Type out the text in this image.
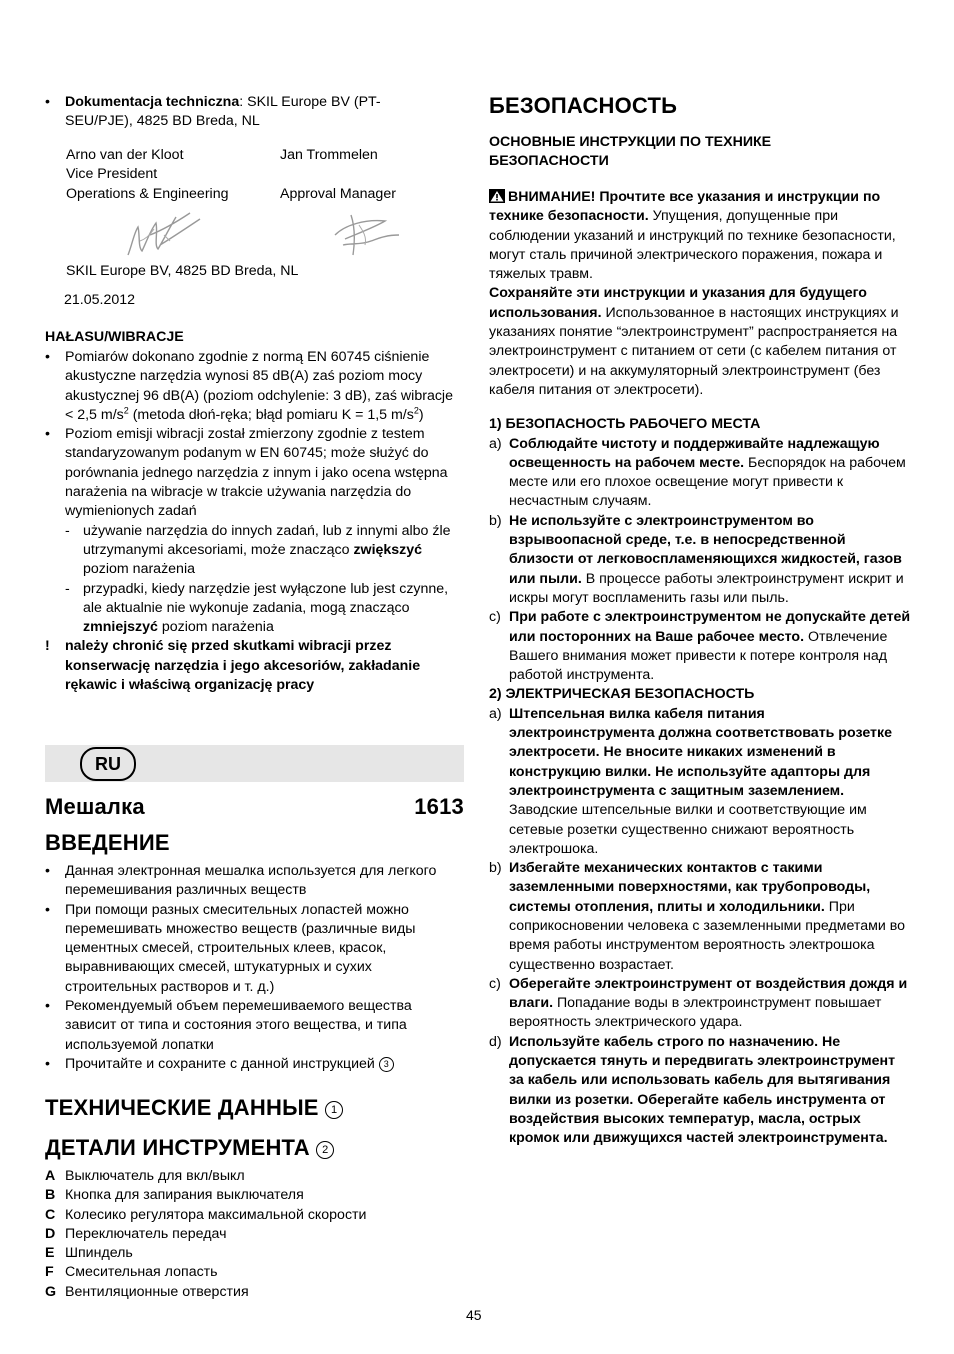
• Dokumentacja techniczna: SKIL Europe BV (PT-SEU/PJE), 4825 BD Breda, NL

Arno van der Kloot

Vice President

Operations & Engineering

Jan Trommelen

Approval Manager

SKIL Europe BV, 4825 BD Breda, NL

21.05.2012

HAŁASU/WIBRACJE

• Pomiarów dokonano zgodnie z normą EN 60745 ciśnienie akustyczne narzędzia wynosi 85 dB(A) zaś poziom mocy akustycznej 96 dB(A) (poziom odchylenie: 3 dB), zaś wibracje < 2,5 $m/s^2$ (metoda dłoń-ręka; błąd pomiaru K = 1,5 $m/s^2$)
• Poziom emisji wibracji został zmierzony zgodnie z testem standaryzowanym podanym w EN 60745; może służyć do porównania jednego narzędzia z innym i jako ocena wstępna narażenia na wibracje w trakcie używania narzędzia do wymienionych zadań
- używanie narzędzia do innych zadań, lub z innymi albo źle utrzymanymi akcesoriami, może znacząco zwiększyć poziom narażenia
- przypadki, kiedy narzędzie jest wyłączone lub jest czynne, ale aktualnie nie wykonuje zadania, mogą znacząco zmniejszyć poziom narażenia
! należy chronić się przed skutkami wibracji przez konserwację narzędzia i jego akcesoriów, zakładanie rękawic i właściwą organizację pracy
RU
Мешалка	1613

ВВЕДЕНИЕ

• Данная электронная мешалка используется для легкого перемешивания различных веществ
• При помощи разных смесительных лопастей можно перемешивать множество веществ (различные виды цементных смесей, строительных клеев, красок, выравнивающих смесей, штукатурных и сухих строительных растворов и т. д.)
• Рекомендуемый объем перемешиваемого вещества зависит от типа и состояния этого вещества, и типа используемой лопатки
• Прочитайте и сохраните с данной инструкцией 3

ТЕХНИЧЕСКИЕ ДАННЫЕ 1

ДЕТАЛИ ИНСТРУМЕНТА 2

A Выключатель для вкл/выкл
B Кнопка для запирания выключателя
C Колесико регулятора максимальной скорости
D Переключатель передач
E Шпиндель
F Смесительная лопасть
G Вентиляционные отверстия

БЕЗОПАСНОСТЬ

ОСНОВНЫЕ ИНСТРУКЦИИ ПО ТЕХНИКЕ БЕЗОПАСНОСТИ

ВНИМАНИЕ! Прочтите все указания и инструкции по технике безопасности. Упущения, допущенные при соблюдении указаний и инструкций по технике безопасности, могут сталь причиной электрического поражения, пожара и тяжелых травм.

Сохраняйте эти инструкции и указания для будущего использования. Использованное в настоящих инструкциях и указаниях понятие “электроинструмент” распространяется на электроинструмент с питанием от сети (с кабелем питания от электросети) и на аккумуляторный электроинструмент (без кабеля питания от электросети).

1) БЕЗОПАСНОСТЬ РАБОЧЕГО МЕСТА

a) Соблюдайте чистоту и поддерживайте надлежащую освещенность на рабочем месте. Беспорядок на рабочем месте или его плохое освещение могут привести к несчастным случаям.
b) Не используйте с электроинструментом во взрывоопасной среде, т.е. в непосредственной близости от легковоспламеняющихся жидкостей, газов или пыли. В процессе работы электроинструмент искрит и искры могут воспламенить газы или пыль.
c) При работе с электроинструментом не допускайте детей или посторонних на Ваше рабочее место. Отвлечение Вашего внимания может привести к потере контроля над работой инструмента.

2) ЭЛЕКТРИЧЕСКАЯ БЕЗОПАСНОСТЬ

a) Штепсельная вилка кабеля питания электроинструмента должна соответствовать розетке электросети. Не вносите никаких изменений в конструкцию вилки. Не используйте адаптоpы для электроинструмента с защитным заземлением. Заводские штепсельные вилки и соответствующие им сетевые розетки существенно снижают вероятность электрошока.
b) Избегайте механических контактов с такими заземленными поверхностями, как трубопроводы, системы отопления, плиты и холодильники. При соприкосновении человека с заземленными предметами во время работы инструментом вероятность электрошока существенно возрастает.
c) Оберегайте электроинструмент от воздействия дождя и влаги. Попадание воды в электроинструмент повышает вероятность электрического удара.
d) Используйте кабель строго по назначению. Не допускается тянуть и передвигать электроинструмент за кабель или использовать кабель для вытягивания вилки из розетки. Оберегайте кабель инструмента от воздействия высоких температур, масла, острых кромок или движущихся частей электроинструмента.
45
